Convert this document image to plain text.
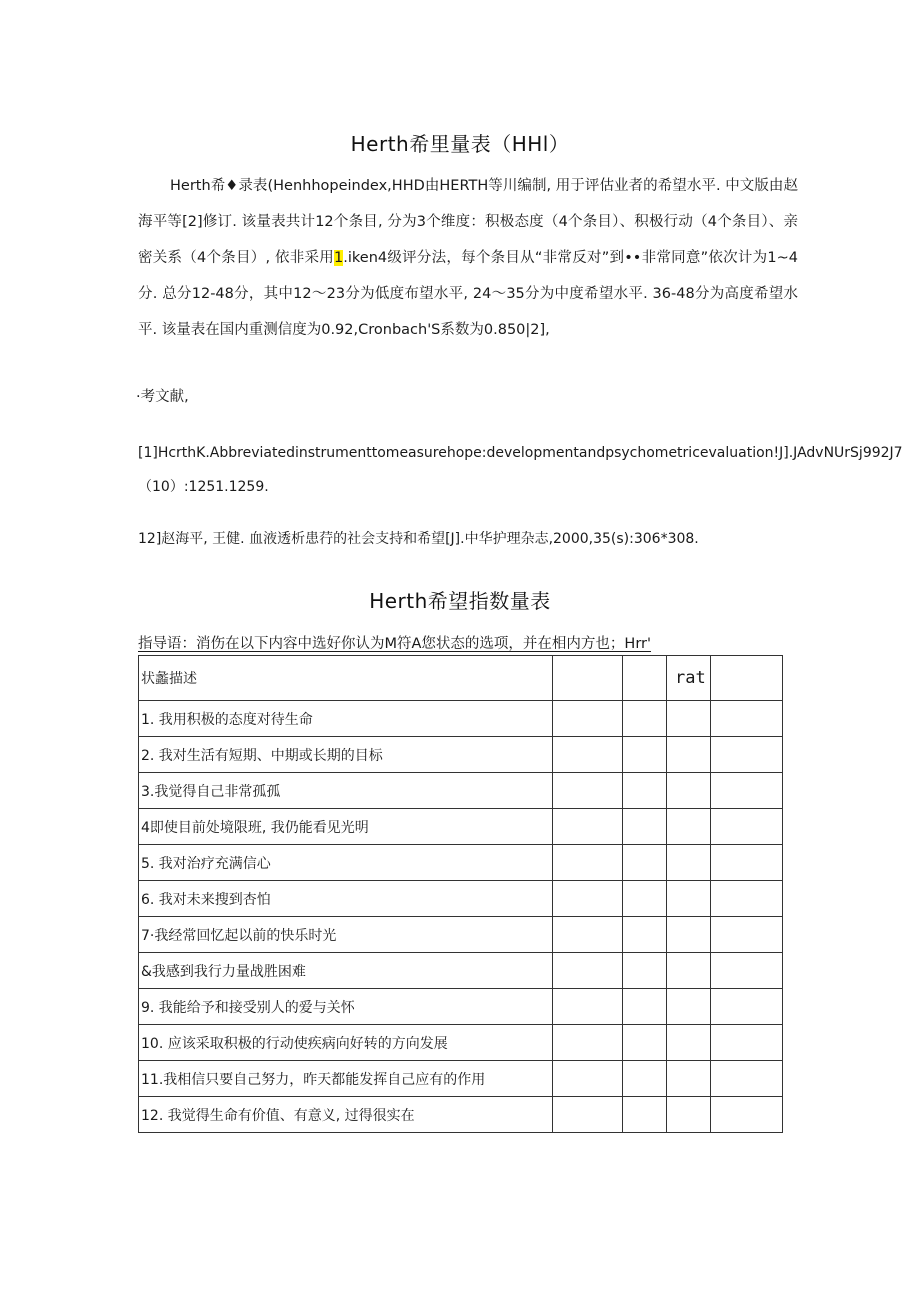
Herth希里量表（HHl）

Herth希♦录表(Henhhopeindex,HHD由HERTH等川编制, 用于评估业者的希望水平. 中文版由赵海平等[2]修订. 该量表共计12个条目, 分为3个维度：积极态度（4个条目）、积极行动（4个条目）、亲密关系（4个条目）, 依非采用1.iken4级评分法，每个条目从“非常反对”到••非常同意”依次计为1~4分. 总分12-48分，其中12〜23分为低度布望水平, 24〜35分为中度希望水平. 36-48分为高度希望水平. 该量表在国内重测信度为0.92,Cronbach'S系数为0.850|2],

·考文献,
[1]HcrthK.Abbreviatedinstrumenttomeasurehope:developmentandpsychometricevaluation!J].JAdvNUrSj992J7（10）:1251.1259.
12]赵海平, 王健. 血液透析患荇的社会支持和希望[J].中华护理杂志,2000,35(s):306*308.
Herth希望指数量表
指导语：消伤在以下内容中选好你认为M符A您状态的选项，并在相内方也；Hrr'
状蠡描述			rat	
1. 我用积极的态度对待生命				
2. 我对生活有短期、中期或长期的目标				
3.我觉得自己非常孤孤				
4即使目前处境限班, 我仍能看见光明				
5. 我对治疗充满信心				
6. 我对未来搜到杏怕				
7·我经常回忆起以前的快乐时光				
&我感到我行力量战胜困难				
9. 我能给予和接受别人的爱与关怀				
10. 应该采取积极的行动使疾病向好转的方向发展				
11.我相信只要自己努力，昨天都能发挥自己应有的作用				
12. 我觉得生命有价值、有意义, 过得很实在				
